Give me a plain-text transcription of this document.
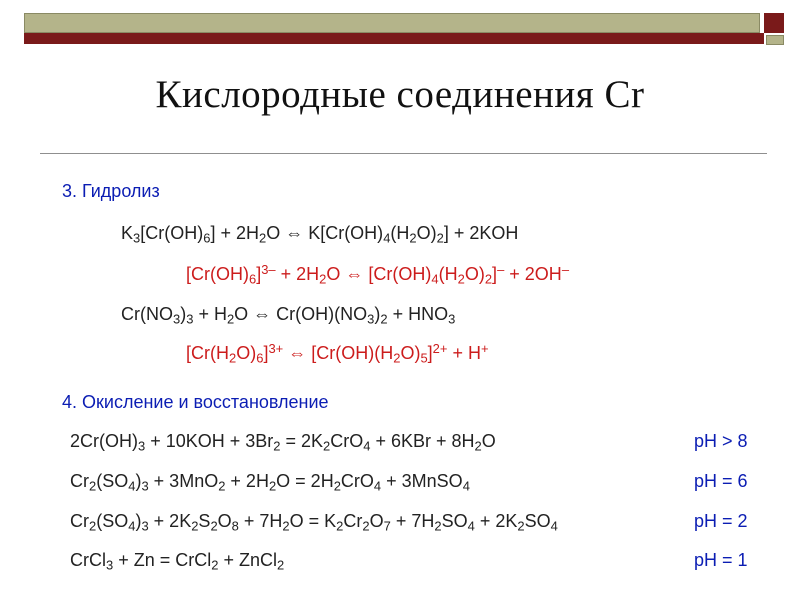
Кислородные соединения Cr
3. Гидролиз
$K_3[Cr(OH)_6] + 2H_2O$ ⇔ $K[Cr(OH)_4(H_2O)_2] + 2KOH$
$[Cr(OH)_6]^{3-} + 2H_2O$ ⇔ $[Cr(OH)_4(H_2O)_2]^- + 2OH^-$
$Cr(NO_3)_3 + H_2O$ ⇔ $Cr(OH)(NO_3)_2 + HNO_3$
$[Cr(H_2O)_6]^{3+}$ ⇔ $[Cr(OH)(H_2O)_5]^{2+} + H^+$
4. Окисление и восстановление
$2Cr(OH)_3 + 10KOH + 3Br_2 = 2K_2CrO_4 + 6KBr + 8H_2O$	pH > 8
$Cr_2(SO_4)_3 + 3MnO_2 + 2H_2O = 2H_2CrO_4$ + 3MnSO$_4$	pH = 6
$Cr_2(SO_4)_3 + 2K_2S_2O_8 + 7H_2O = K_2Cr_2O_7 + 7H_2SO_4 + 2K_2SO_4$	pH = 2
CrCl$_3$ + Zn = CrCl$_2$ + ZnCl$_2$	pH = 1
